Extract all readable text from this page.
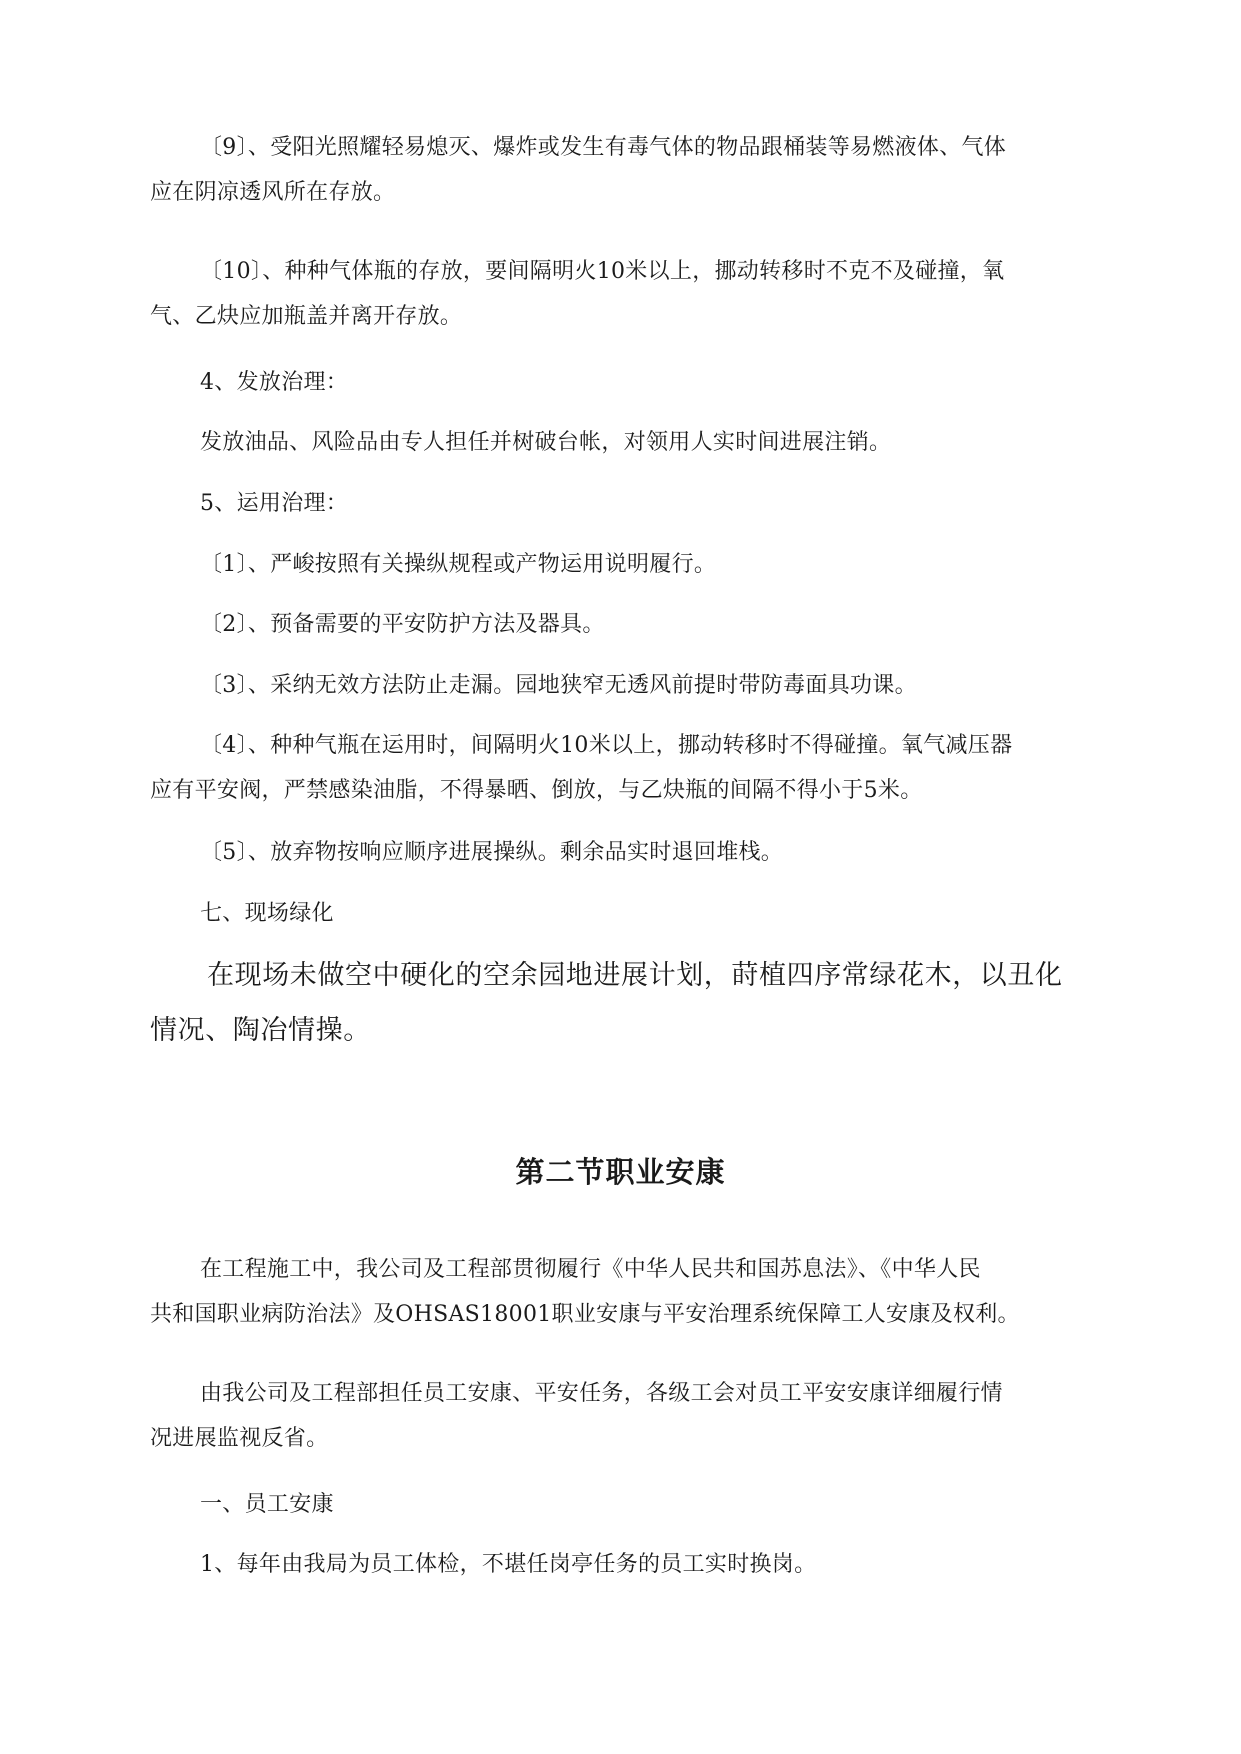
〔9〕、受阳光照耀轻易熄灭、爆炸或发生有毒气体的物品跟桶装等易燃液体、气体
应在阴凉透风所在存放。
〔10〕、种种气体瓶的存放，要间隔明火10米以上，挪动转移时不克不及碰撞，氧
气、乙炔应加瓶盖并离开存放。
4、发放治理：
发放油品、风险品由专人担任并树破台帐，对领用人实时间进展注销。
5、运用治理：
〔1〕、严峻按照有关操纵规程或产物运用说明履行。
〔2〕、预备需要的平安防护方法及器具。
〔3〕、采纳无效方法防止走漏。园地狭窄无透风前提时带防毒面具功课。
〔4〕、种种气瓶在运用时，间隔明火10米以上，挪动转移时不得碰撞。氧气减压器
应有平安阀，严禁感染油脂，不得暴晒、倒放，与乙炔瓶的间隔不得小于5米。
〔5〕、放弃物按响应顺序进展操纵。剩余品实时退回堆栈。
七、现场绿化
在现场未做空中硬化的空余园地进展计划，莳植四序常绿花木，以丑化
情况、陶冶情操。
第二节职业安康
在工程施工中，我公司及工程部贯彻履行《中华人民共和国苏息法》、《中华人民
共和国职业病防治法》及OHSAS18001职业安康与平安治理系统保障工人安康及权利。
由我公司及工程部担任员工安康、平安任务，各级工会对员工平安安康详细履行情
况进展监视反省。
一、员工安康
1、每年由我局为员工体检，不堪任岗亭任务的员工实时换岗。
